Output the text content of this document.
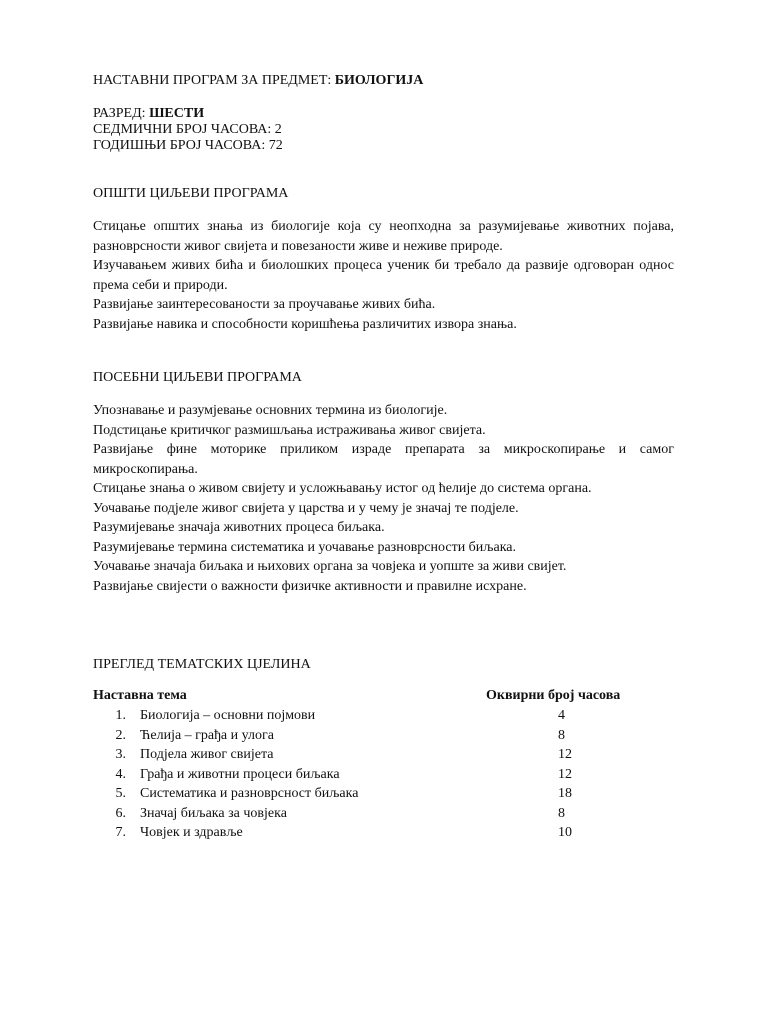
НАСТАВНИ ПРОГРАМ ЗА ПРЕДМЕТ: БИОЛОГИЈА
РАЗРЕД: ШЕСТИ
СЕДМИЧНИ БРОЈ ЧАСОВА: 2
ГОДИШЊИ БРОЈ ЧАСОВА: 72
ОПШТИ ЦИЉЕВИ ПРОГРАМА

Стицање општих знања из биологије која су неопходна за разумијевање животних појава, разноврсности живог свијета и повезаности живе и неживе природе.

Изучавањем живих бића и биолошких процеса ученик би требало да развије одговоран однос према себи и природи.

Развијање заинтересованости за проучавање живих бића.

Развијање навика и способности коришћења различитих извора знања.

ПОСЕБНИ ЦИЉЕВИ ПРОГРАМА

Упознавање и разумјевање основних термина из биологије.

Подстицање критичког размишљања истраживања живог свијета.

Развијање фине моторике приликом израде препарата за микроскопирање и самог микроскопирања.

Стицање знања о живом свијету и усложњавању истог од ћелије до система органа.

Уочавање подјеле живог свијета у царства и у чему је значај те подјеле.

Разумијевање значаја животних процеса биљака.

Разумијевање термина систематика и уочавање разноврсности биљака.

Уочавање значаја биљака и њихових органа за човјека и уопште за живи свијет.

Развијање свијести о важности физичке активности и правилне исхране.

ПРЕГЛЕД ТЕМАТСКИХ ЦЈЕЛИНА
Наставна тема	Оквирни број часова
1. Биологија – основни појмови	4
2. Ћелија – грађа и улога	8
3. Подјела живог свијета	12
4. Грађа и животни процеси биљака	12
5. Систематика и разноврсност биљака	18
6. Значај биљака за човјека	8
7. Човјек и здравље	10
